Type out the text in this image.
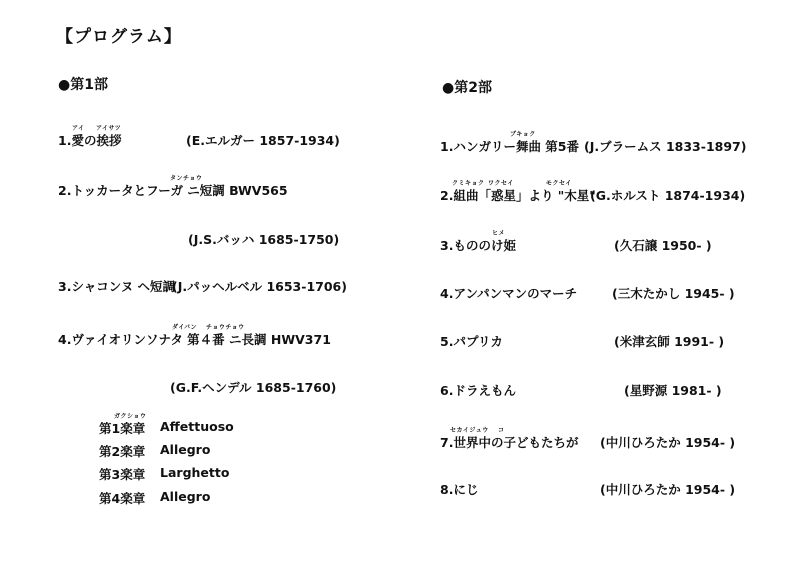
【プログラム】
●第1部
アイ アイサツ
1.愛の挨拶	(E.エルガー 1857-1934)
タンチョウ
2.トッカータとフーガ ニ短調 BWV565
(J.S.バッハ 1685-1750)
3.シャコンヌ ヘ短調
(J.パッヘルベル 1653-1706)
ダイ バン チョウチョウ
4.ヴァイオリンソナタ 第４番 ニ長調 HWV371
(G.F.ヘンデル 1685-1760)
ガクショウ
第1楽章 Affettuoso
第2楽章 Allegro
第3楽章 Larghetto
第4楽章 Allegro
●第2部
ブキョク
1.ハンガリー舞曲 第5番 (J.ブラームス 1833-1897)
クミキョク ワクセイ	モクセイ
2.組曲「惑星」より "木星"
(G.ホルスト 1874-1934)
ヒメ
3.もののけ姫	(久石譲 1950- )
4.アンパンマンのマーチ	(三木たかし 1945- )
5.パプリカ	(米津玄師 1991- )
6.ドラえもん	(星野源 1981- )
セカイジュウ コ
7.世界中の子どもたちが (中川ひろたか 1954- )
8.にじ	(中川ひろたか 1954- )
